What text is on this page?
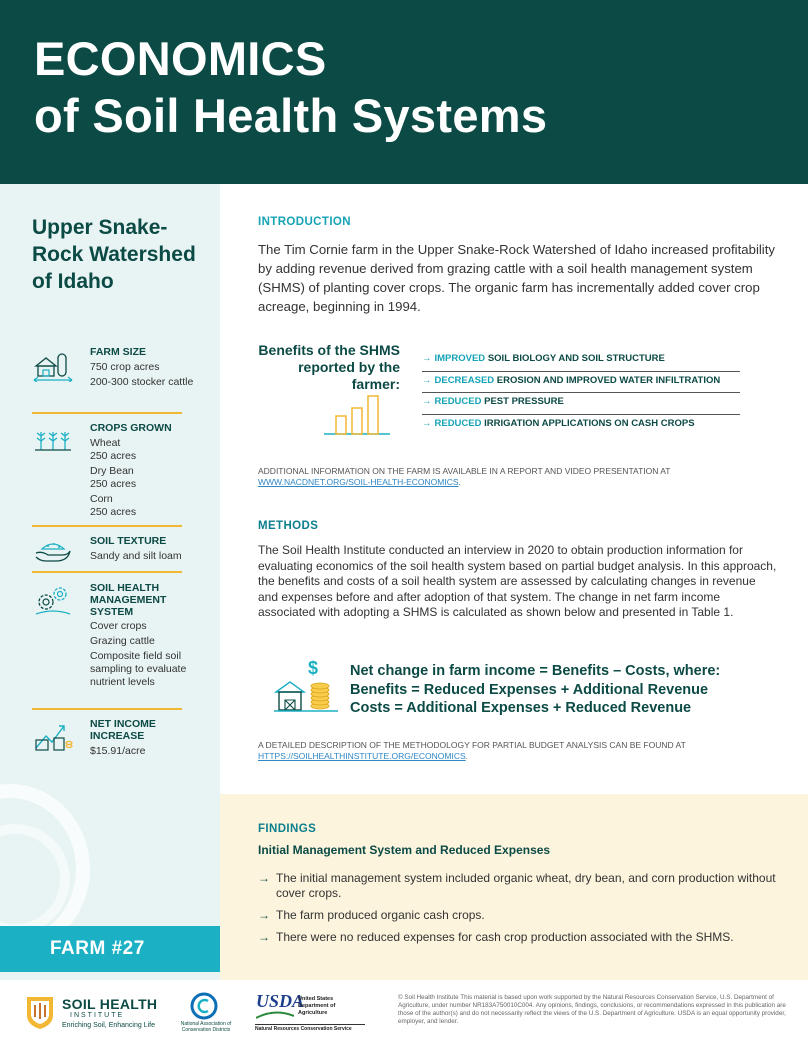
ECONOMICS
of Soil Health Systems
Upper Snake-Rock Watershed of Idaho
FARM SIZE
750 crop acres
200-300 stocker cattle
CROPS GROWN
Wheat
250 acres
Dry Bean
250 acres
Corn
250 acres
SOIL TEXTURE
Sandy and silt loam
SOIL HEALTH MANAGEMENT SYSTEM
Cover crops
Grazing cattle
Composite field soil sampling to evaluate nutrient levels
NET INCOME INCREASE
$15.91/acre
FARM #27
INTRODUCTION
The Tim Cornie farm in the Upper Snake-Rock Watershed of Idaho increased profitability by adding revenue derived from grazing cattle with a soil health management system (SHMS) of planting cover crops. The organic farm has incrementally added cover crop acreage, beginning in 1994.
Benefits of the SHMS reported by the farmer:
→ IMPROVED SOIL BIOLOGY AND SOIL STRUCTURE
→ DECREASED EROSION AND IMPROVED WATER INFILTRATION
→ REDUCED PEST PRESSURE
→ REDUCED IRRIGATION APPLICATIONS ON CASH CROPS
ADDITIONAL INFORMATION ON THE FARM IS AVAILABLE IN A REPORT AND VIDEO PRESENTATION AT WWW.NACDNET.ORG/SOIL-HEALTH-ECONOMICS.
METHODS
The Soil Health Institute conducted an interview in 2020 to obtain production information for evaluating economics of the soil health system based on partial budget analysis. In this approach, the benefits and costs of a soil health system are assessed by calculating changes in revenue and expenses before and after adoption of that system. The change in net farm income associated with adopting a SHMS is calculated as shown below and presented in Table 1.
$ Net change in farm income = Benefits – Costs, where:
Benefits = Reduced Expenses + Additional Revenue
Costs = Additional Expenses + Reduced Revenue
A DETAILED DESCRIPTION OF THE METHODOLOGY FOR PARTIAL BUDGET ANALYSIS CAN BE FOUND AT HTTPS://SOILHEALTHINSTITUTE.ORG/ECONOMICS.
FINDINGS
Initial Management System and Reduced Expenses
→ The initial management system included organic wheat, dry bean, and corn production without cover crops.
→ The farm produced organic cash crops.
→ There were no reduced expenses for cash crop production associated with the SHMS.
SOIL HEALTH
INSTITUTE
Enriching Soil, Enhancing Life	National Association of Conservation Districts
USDA
United States Department of Agriculture
Natural Resources Conservation Service
© Soil Health Institute This material is based upon work supported by the Natural Resources Conservation Service, U.S. Department of Agriculture, under number NR183A750010C004. Any opinions, findings, conclusions, or recommendations expressed in this publication are those of the author(s) and do not necessarily reflect the views of the U.S. Department of Agriculture. USDA is an equal opportunity provider, employer, and lender.
